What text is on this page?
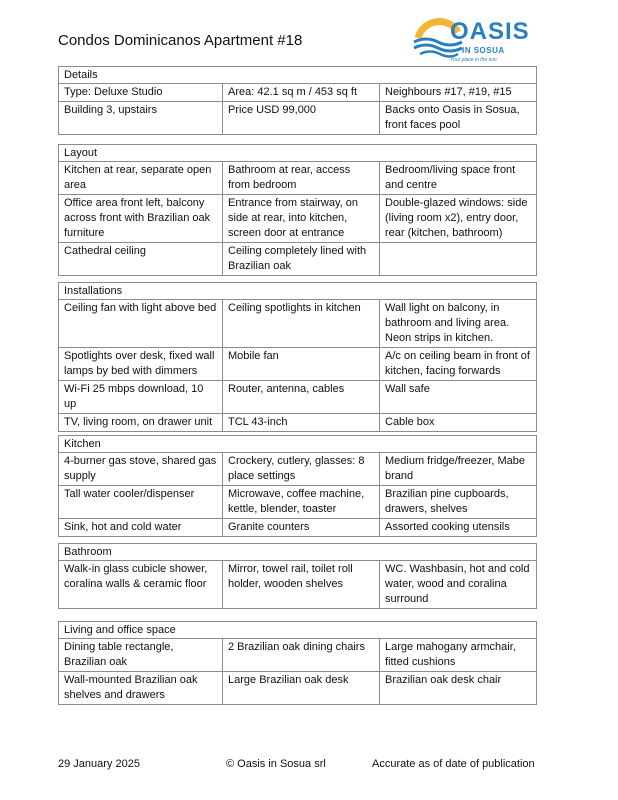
Condos Dominicanos Apartment #18	OASIS
IN SOSUA
Your place in the sun
Details		
Type: Deluxe Studio	Area: 42.1 sq m / 453 sq ft	Neighbours #17, #19, #15
Building 3, upstairs	Price USD 99,000	Backs onto Oasis in Sosua, front faces pool
Layout		
Kitchen at rear, separate open area	Bathroom at rear, access from bedroom	Bedroom/living space front and centre
Office area front left, balcony across front with Brazilian oak furniture	Entrance from stairway, on side at rear, into kitchen, screen door at entrance	Double-glazed windows: side (living room x2), entry door, rear (kitchen, bathroom)
Cathedral ceiling	Ceiling completely lined with Brazilian oak	
Installations		
Ceiling fan with light above bed	Ceiling spotlights in kitchen	Wall light on balcony, in bathroom and living area. Neon strips in kitchen.
Spotlights over desk, fixed wall lamps by bed with dimmers	Mobile fan	A/c on ceiling beam in front of kitchen, facing forwards
Wi-Fi 25 mbps download, 10 up	Router, antenna, cables	Wall safe
TV, living room, on drawer unit	TCL 43-inch	Cable box
Kitchen		
4-burner gas stove, shared gas supply	Crockery, cutlery, glasses: 8 place settings	Medium fridge/freezer, Mabe brand
Tall water cooler/dispenser	Microwave, coffee machine, kettle, blender, toaster	Brazilian pine cupboards, drawers, shelves
Sink, hot and cold water	Granite counters	Assorted cooking utensils
Bathroom
Walk-in glass cubicle shower, coralina walls & ceramic floor	Mirror, towel rail, toilet roll holder, wooden shelves	WC. Washbasin, hot and cold water, wood and coralina surround
Living and office space		
Dining table rectangle, Brazilian oak	2 Brazilian oak dining chairs	Large mahogany armchair, fitted cushions
Wall-mounted Brazilian oak shelves and drawers	Large Brazilian oak desk	Brazilian oak desk chair
29 January 2025	© Oasis in Sosua srl	Accurate as of date of publication
